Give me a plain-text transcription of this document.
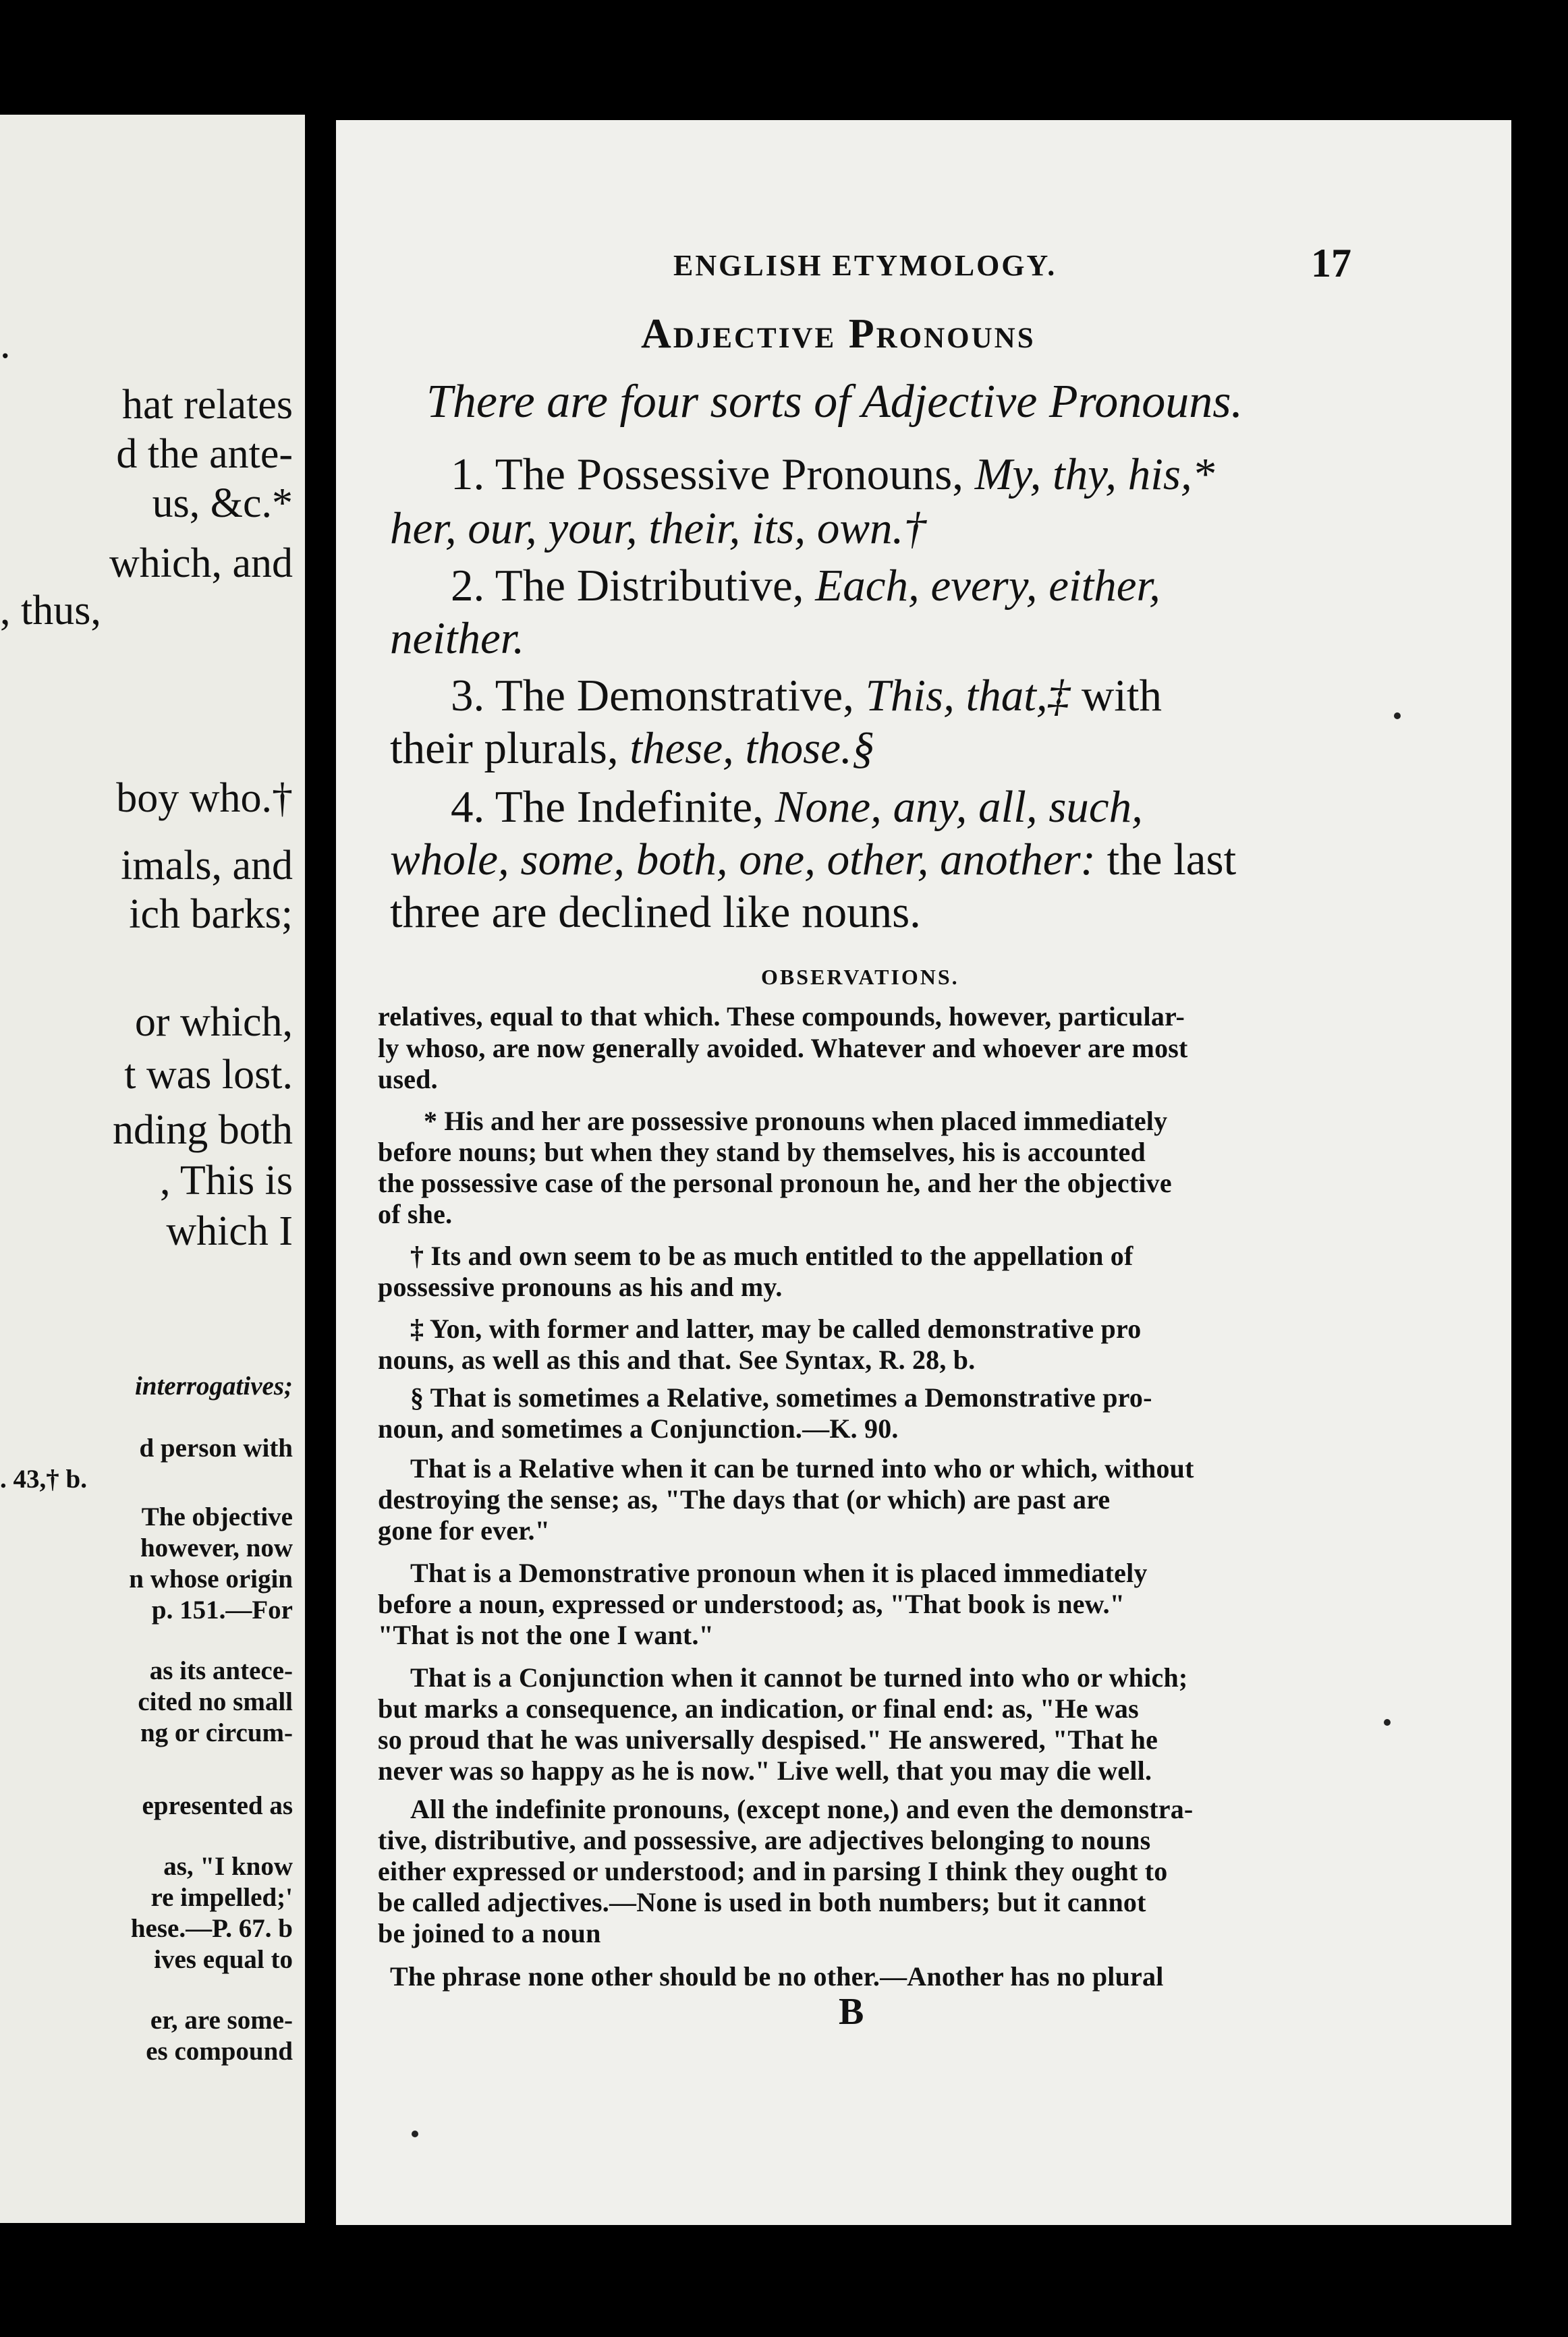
.
hat relates
d the ante-
us, &c.*
which, and
, thus,
boy who.†
imals, and
ich barks;
or which,
t was lost.
nding both
, This is
which I
interrogatives;
d person with
. 43,† b.
The objective
however, now
n whose origin
p. 151.—For
as its antece-
cited no small
ng or circum-
epresented as
as, "I know
re impelled;'
hese.—P. 67. b
ives equal to
er, are some-
es compound
ENGLISH ETYMOLOGY.	17
Adjective Pronouns
There are four sorts of Adjective Pronouns.
1. The Possessive Pronouns, My, thy, his,*
her, our, your, their, its, own.†
2. The Distributive, Each, every, either,
neither.
3. The Demonstrative, This, that,‡ with
their plurals, these, those.§
4. The Indefinite, None, any, all, such,
whole, some, both, one, other, another: the last
three are declined like nouns.
OBSERVATIONS.
relatives, equal to that which. These compounds, however, particular-
ly whoso, are now generally avoided. Whatever and whoever are most
used.
* His and her are possessive pronouns when placed immediately
before nouns; but when they stand by themselves, his is accounted
the possessive case of the personal pronoun he, and her the objective
of she.
† Its and own seem to be as much entitled to the appellation of
possessive pronouns as his and my.
‡ Yon, with former and latter, may be called demonstrative pro
nouns, as well as this and that. See Syntax, R. 28, b.
§ That is sometimes a Relative, sometimes a Demonstrative pro-
noun, and sometimes a Conjunction.—K. 90.
That is a Relative when it can be turned into who or which, without
destroying the sense; as, "The days that (or which) are past are
gone for ever."
That is a Demonstrative pronoun when it is placed immediately
before a noun, expressed or understood; as, "That book is new."
"That is not the one I want."
That is a Conjunction when it cannot be turned into who or which;
but marks a consequence, an indication, or final end: as, "He was
so proud that he was universally despised." He answered, "That he
never was so happy as he is now." Live well, that you may die well.
All the indefinite pronouns, (except none,) and even the demonstra-
tive, distributive, and possessive, are adjectives belonging to nouns
either expressed or understood; and in parsing I think they ought to
be called adjectives.—None is used in both numbers; but it cannot
be joined to a noun
The phrase none other should be no other.—Another has no plural
B
